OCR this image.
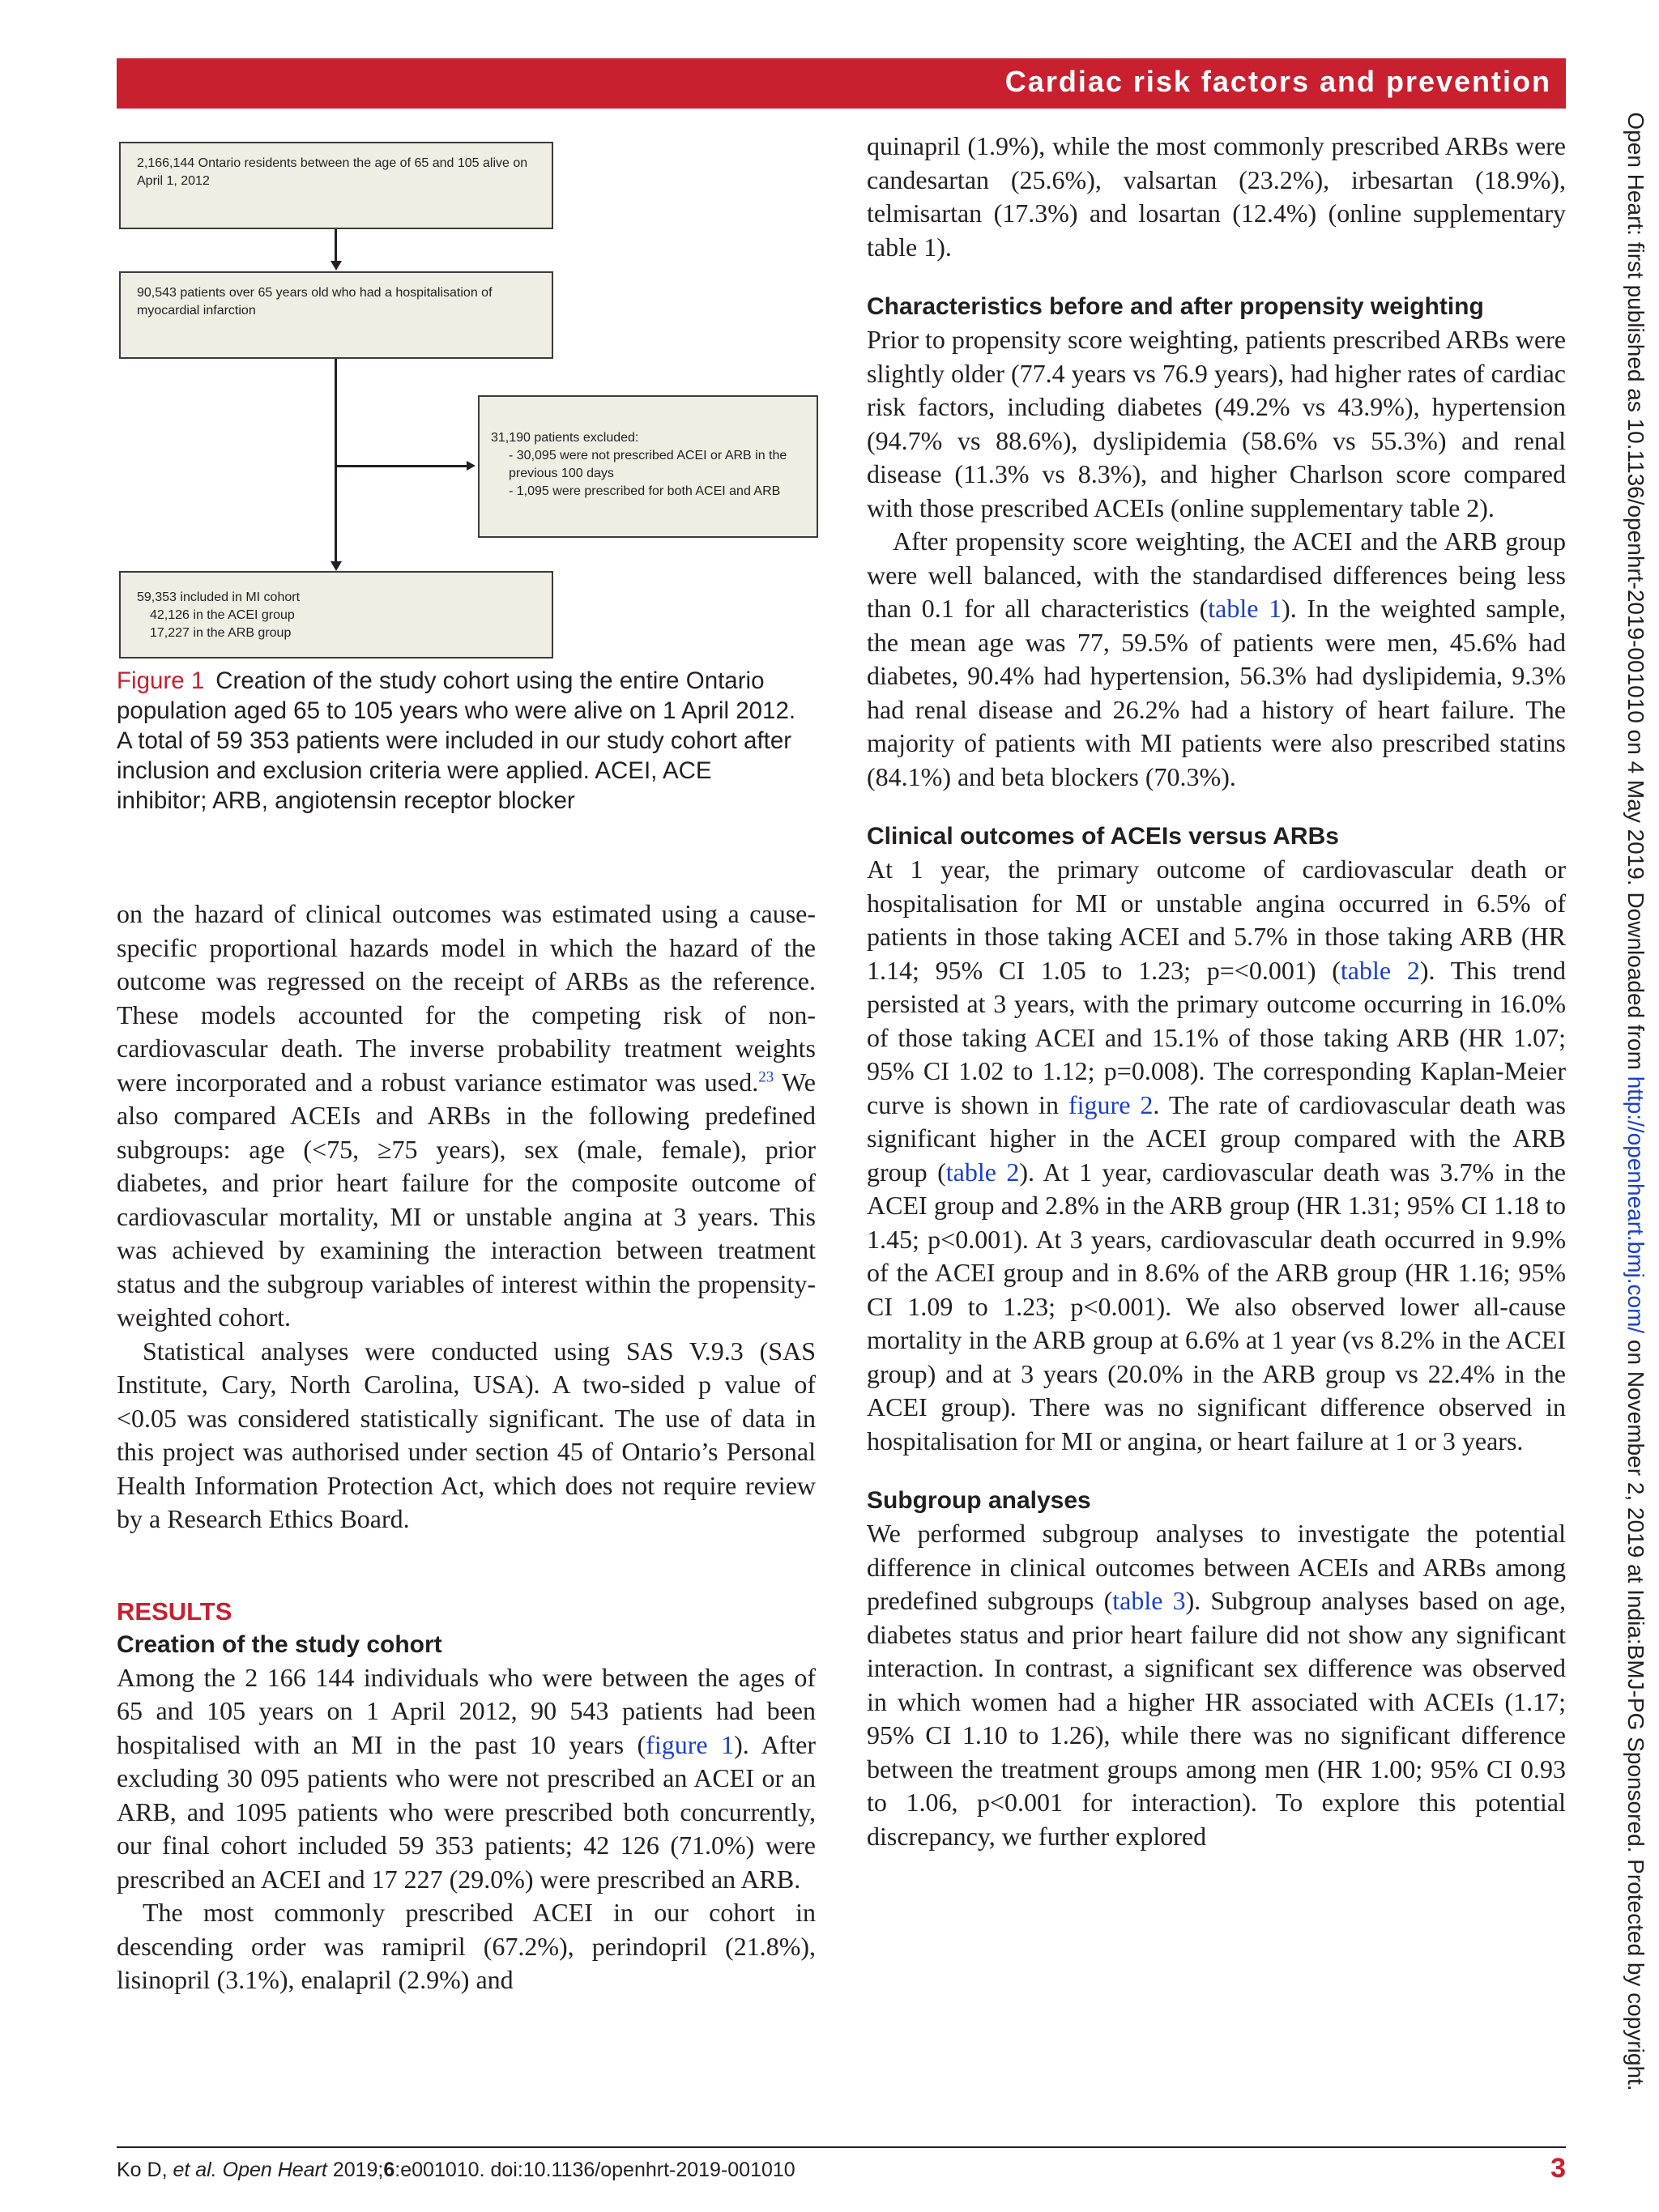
Cardiac risk factors and prevention
Open Heart: first published as 10.1136/openhrt-2019-001010 on 4 May 2019. Downloaded from http://openheart.bmj.com/ on November 2, 2019 at India:BMJ-PG Sponsored. Protected by copyright.
2,166,144 Ontario residents between the age of 65 and 105 alive on April 1, 2012
90,543 patients over 65 years old who had a hospitalisation of myocardial infarction
31,190 patients excluded:
- 30,095 were not prescribed ACEI or ARB in the previous 100 days
- 1,095 were prescribed for both ACEI and ARB
59,353 included in MI cohort
42,126 in the ACEI group
17,227 in the ARB group
Figure 1 Creation of the study cohort using the entire Ontario population aged 65 to 105 years who were alive on 1 April 2012. A total of 59 353 patients were included in our study cohort after inclusion and exclusion criteria were applied. ACEI, ACE inhibitor; ARB, angiotensin receptor blocker

on the hazard of clinical outcomes was estimated using a cause-specific proportional hazards model in which the hazard of the outcome was regressed on the receipt of ARBs as the reference. These models accounted for the competing risk of non-cardiovascular death. The inverse probability treatment weights were incorporated and a robust variance estimator was used.$^{23}$ We also compared ACEIs and ARBs in the following predefined subgroups: age (<75, ≥75 years), sex (male, female), prior diabetes, and prior heart failure for the composite outcome of cardiovascular mortality, MI or unstable angina at 3 years. This was achieved by examining the interaction between treatment status and the subgroup variables of interest within the propensity-weighted cohort.

Statistical analyses were conducted using SAS V.9.3 (SAS Institute, Cary, North Carolina, USA). A two-sided p value of <0.05 was considered statistically significant. The use of data in this project was authorised under section 45 of Ontario’s Personal Health Information Protection Act, which does not require review by a Research Ethics Board.

RESULTS
Creation of the study cohort

Among the 2 166 144 individuals who were between the ages of 65 and 105 years on 1 April 2012, 90 543 patients had been hospitalised with an MI in the past 10 years (figure 1). After excluding 30 095 patients who were not prescribed an ACEI or an ARB, and 1095 patients who were prescribed both concurrently, our final cohort included 59 353 patients; 42 126 (71.0%) were prescribed an ACEI and 17 227 (29.0%) were prescribed an ARB.

The most commonly prescribed ACEI in our cohort in descending order was ramipril (67.2%), perindopril (21.8%), lisinopril (3.1%), enalapril (2.9%) and

quinapril (1.9%), while the most commonly prescribed ARBs were candesartan (25.6%), valsartan (23.2%), irbesartan (18.9%), telmisartan (17.3%) and losartan (12.4%) (online supplementary table 1).

Characteristics before and after propensity weighting

Prior to propensity score weighting, patients prescribed ARBs were slightly older (77.4 years vs 76.9 years), had higher rates of cardiac risk factors, including diabetes (49.2% vs 43.9%), hypertension (94.7% vs 88.6%), dyslipidemia (58.6% vs 55.3%) and renal disease (11.3% vs 8.3%), and higher Charlson score compared with those prescribed ACEIs (online supplementary table 2).

After propensity score weighting, the ACEI and the ARB group were well balanced, with the standardised differences being less than 0.1 for all characteristics (table 1). In the weighted sample, the mean age was 77, 59.5% of patients were men, 45.6% had diabetes, 90.4% had hypertension, 56.3% had dyslipidemia, 9.3% had renal disease and 26.2% had a history of heart failure. The majority of patients with MI patients were also prescribed statins (84.1%) and beta blockers (70.3%).

Clinical outcomes of ACEIs versus ARBs

At 1 year, the primary outcome of cardiovascular death or hospitalisation for MI or unstable angina occurred in 6.5% of patients in those taking ACEI and 5.7% in those taking ARB (HR 1.14; 95% CI 1.05 to 1.23; p=<0.001) (table 2). This trend persisted at 3 years, with the primary outcome occurring in 16.0% of those taking ACEI and 15.1% of those taking ARB (HR 1.07; 95% CI 1.02 to 1.12; p=0.008). The corresponding Kaplan-Meier curve is shown in figure 2. The rate of cardiovascular death was significant higher in the ACEI group compared with the ARB group (table 2). At 1 year, cardiovascular death was 3.7% in the ACEI group and 2.8% in the ARB group (HR 1.31; 95% CI 1.18 to 1.45; p<0.001). At 3 years, cardiovascular death occurred in 9.9% of the ACEI group and in 8.6% of the ARB group (HR 1.16; 95% CI 1.09 to 1.23; p<0.001). We also observed lower all-cause mortality in the ARB group at 6.6% at 1 year (vs 8.2% in the ACEI group) and at 3 years (20.0% in the ARB group vs 22.4% in the ACEI group). There was no significant difference observed in hospitalisation for MI or angina, or heart failure at 1 or 3 years.

Subgroup analyses

We performed subgroup analyses to investigate the potential difference in clinical outcomes between ACEIs and ARBs among predefined subgroups (table 3). Subgroup analyses based on age, diabetes status and prior heart failure did not show any significant interaction. In contrast, a significant sex difference was observed in which women had a higher HR associated with ACEIs (1.17; 95% CI 1.10 to 1.26), while there was no significant difference between the treatment groups among men (HR 1.00; 95% CI 0.93 to 1.06, p<0.001 for interaction). To explore this potential discrepancy, we further explored

Ko D, et al. Open Heart 2019;6:e001010. doi:10.1136/openhrt-2019-001010	3
